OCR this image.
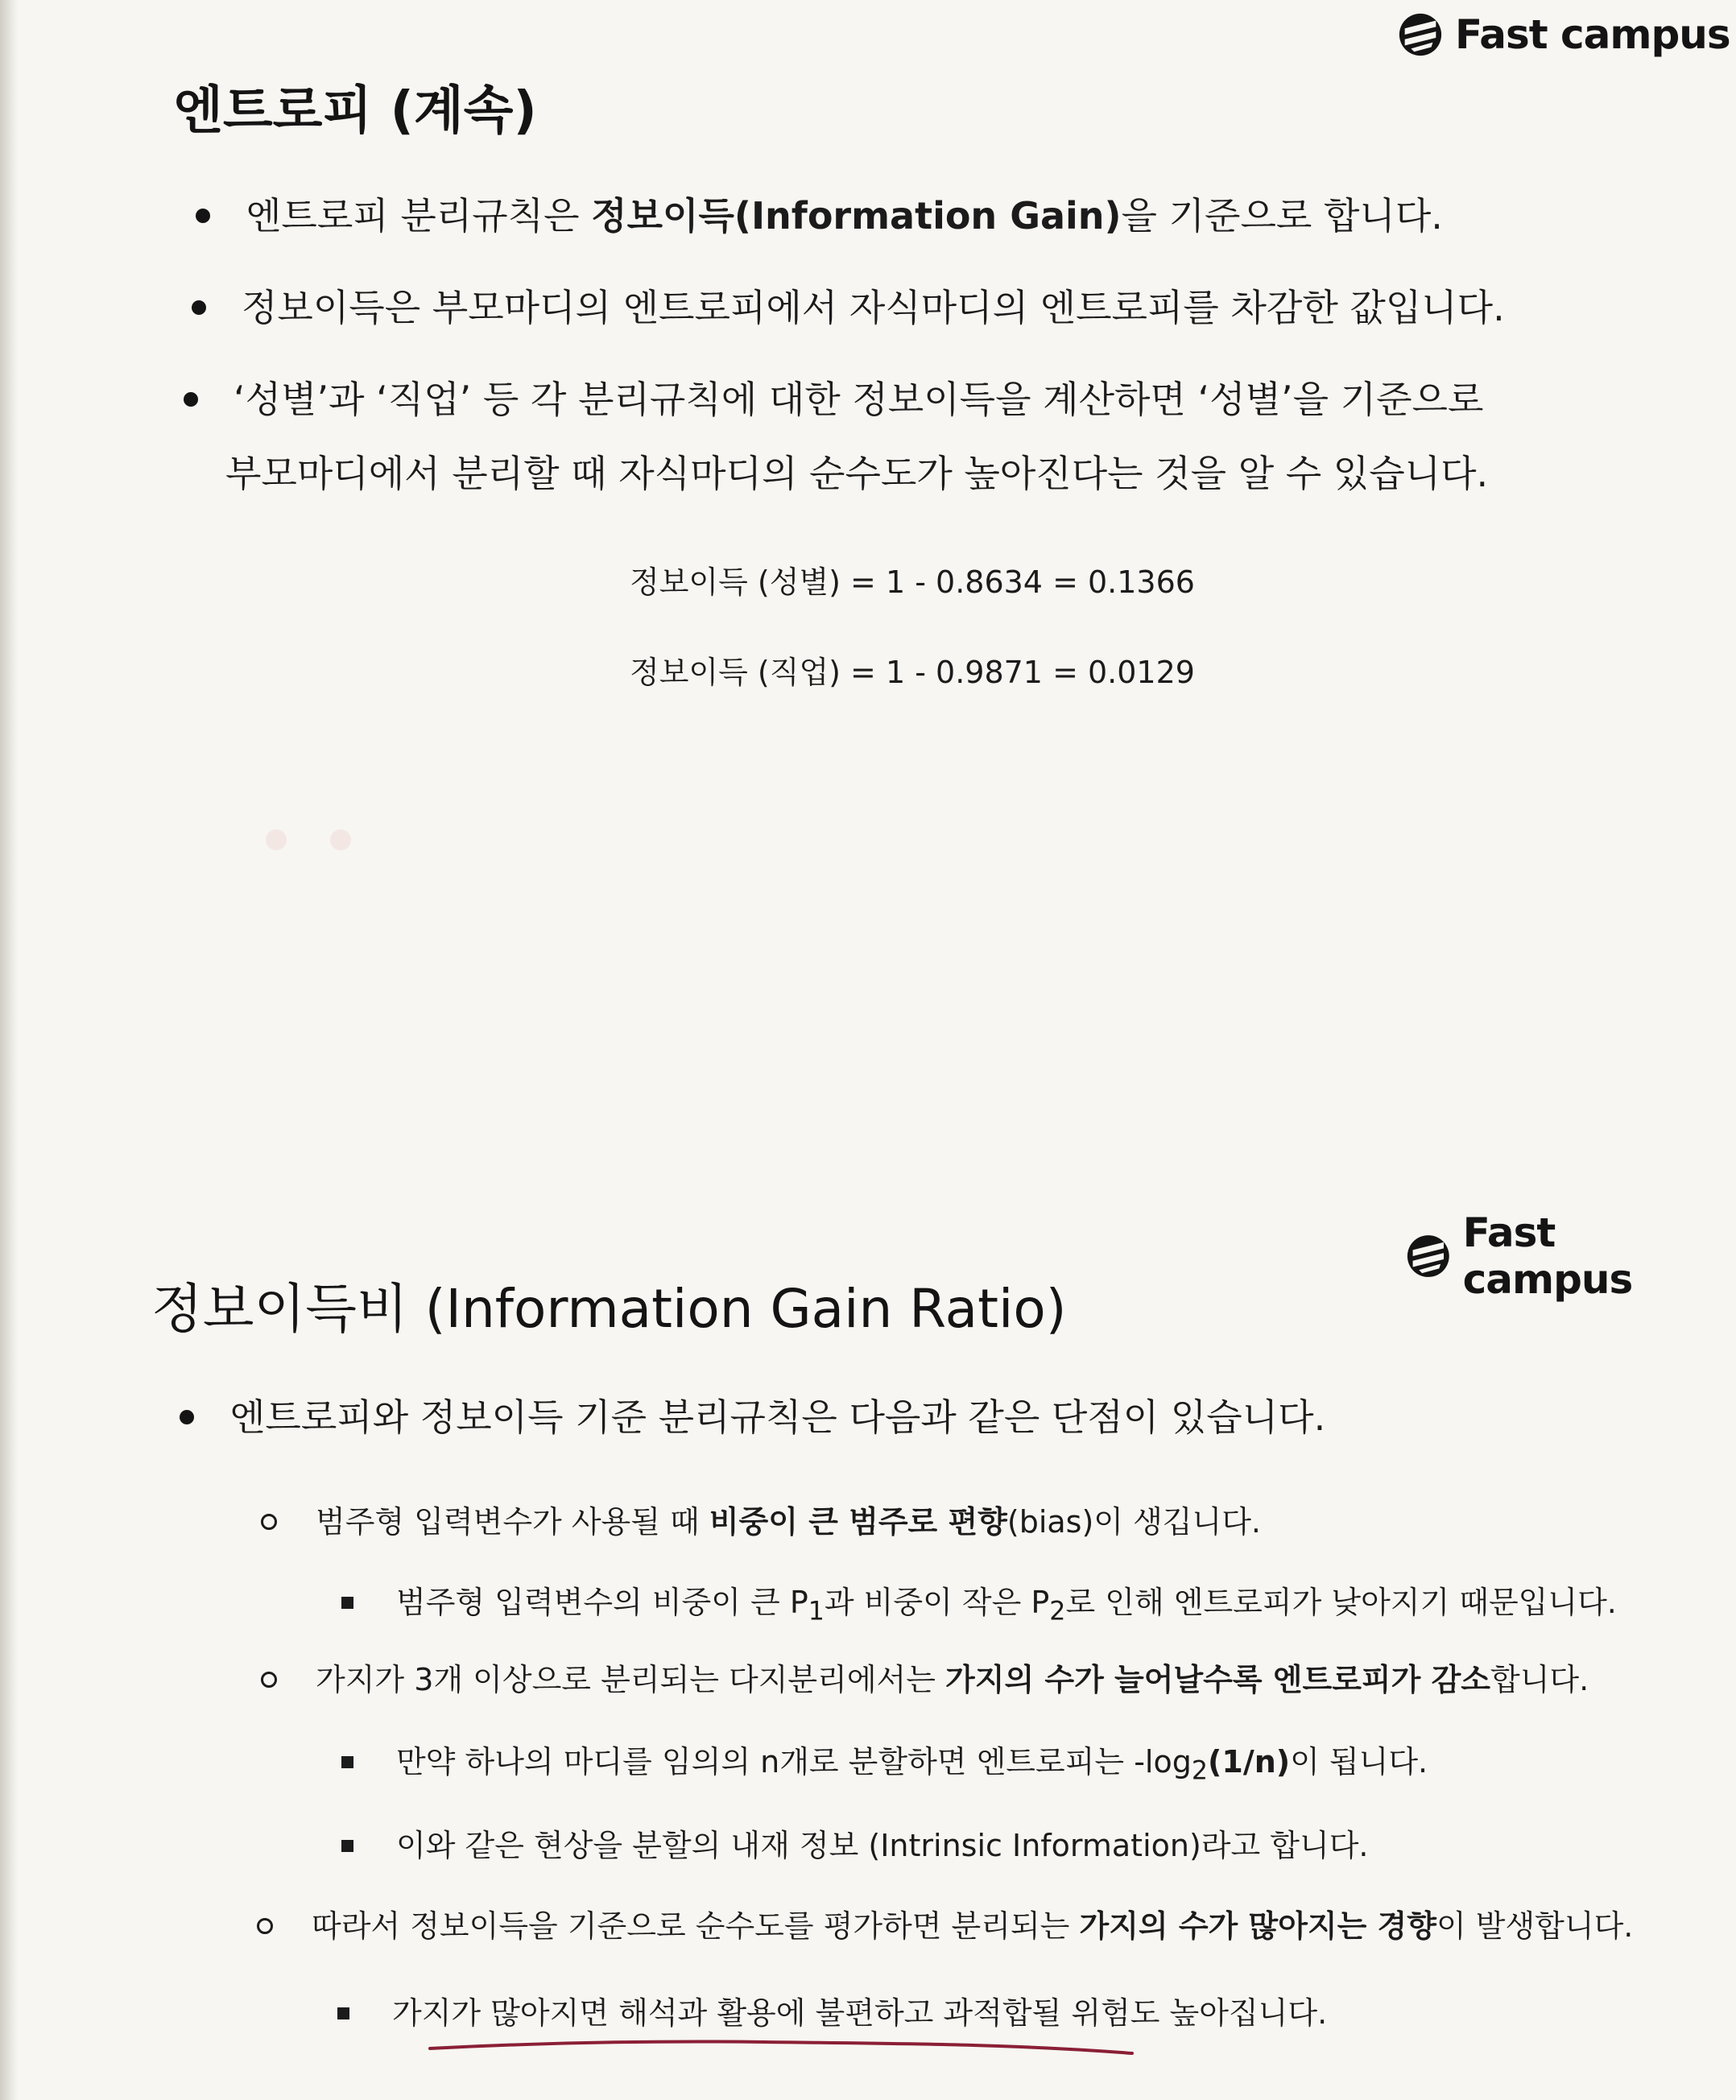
Fast campus
엔트로피 (계속)
엔트로피 분리규칙은 정보이득(Information Gain)을 기준으로 합니다.
정보이득은 부모마디의 엔트로피에서 자식마디의 엔트로피를 차감한 값입니다.
‘성별’과 ‘직업’ 등 각 분리규칙에 대한 정보이득을 계산하면 ‘성별’을 기준으로
부모마디에서 분리할 때 자식마디의 순수도가 높아진다는 것을 알 수 있습니다.
정보이득 (성별) = 1 - 0.8634 = 0.1366
정보이득 (직업) = 1 - 0.9871 = 0.0129
Fast campus
정보이득비 (Information Gain Ratio)
엔트로피와 정보이득 기준 분리규칙은 다음과 같은 단점이 있습니다.
범주형 입력변수가 사용될 때 비중이 큰 범주로 편향(bias)이 생깁니다.
범주형 입력변수의 비중이 큰 $P_1$과 비중이 작은 $P_2$로 인해 엔트로피가 낮아지기 때문입니다.
가지가 3개 이상으로 분리되는 다지분리에서는 가지의 수가 늘어날수록 엔트로피가 감소합니다.
만약 하나의 마디를 임의의 n개로 분할하면 엔트로피는 $-\log_2(1/n)$이 됩니다.
이와 같은 현상을 분할의 내재 정보 (Intrinsic Information)라고 합니다.
따라서 정보이득을 기준으로 순수도를 평가하면 분리되는 가지의 수가 많아지는 경향이 발생합니다.
가지가 많아지면 해석과 활용에 불편하고 과적합될 위험도 높아집니다.
